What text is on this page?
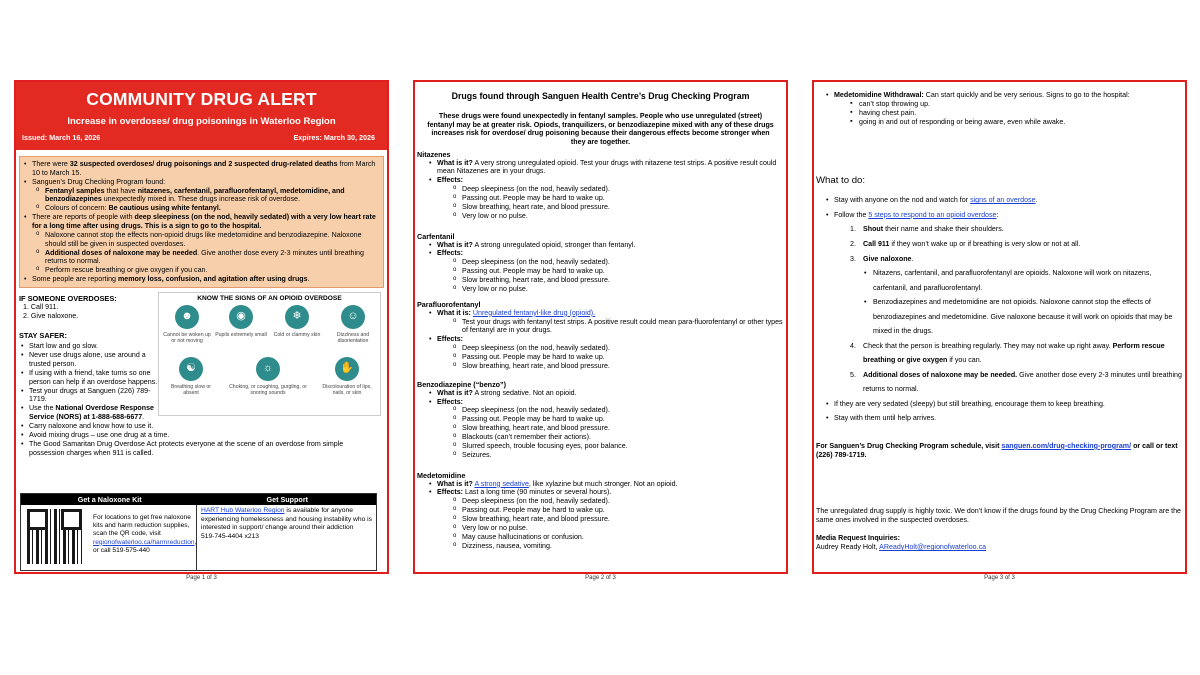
COMMUNITY DRUG ALERT
Increase in overdoses/ drug poisonings in Waterloo Region
Issued: March 16, 2026	Expires: March 30, 2026
• There were 32 suspected overdoses/ drug poisonings and 2 suspected drug-related deaths from March 10 to March 15.
• Sanguen’s Drug Checking Program found:
o Fentanyl samples that have nitazenes, carfentanil, parafluorofentanyl, medetomidine, and benzodiazepines unexpectedly mixed in. These drugs increase risk of overdose.
o Colours of concern: Be cautious using white fentanyl.
• There are reports of people with deep sleepiness (on the nod, heavily sedated) with a very low heart rate for a long time after using drugs. This is a sign to go to the hospital.
o Naloxone cannot stop the effects non-opioid drugs like medetomidine and benzodiazepine. Naloxone should still be given in suspected overdoses.
o Additional doses of naloxone may be needed. Give another dose every 2-3 minutes until breathing returns to normal.
o Perform rescue breathing or give oxygen if you can.
• Some people are reporting memory loss, confusion, and agitation after using drugs.
IF SOMEONE OVERDOSES:
1. Call 911.
2. Give naloxone.
STAY SAFER:
• Start low and go slow.
• Never use drugs alone, use around a trusted person.
• If using with a friend, take turns so one person can help if an overdose happens.
• Test your drugs at Sanguen (226) 789-1719.
• Use the National Overdose Response Service (NORS) at 1-888-688-6677.
• Carry naloxone and know how to use it.
• Avoid mixing drugs – use one drug at a time.
• The Good Samaritan Drug Overdose Act protects everyone at the scene of an overdose from simple possession charges when 911 is called.
KNOW THE SIGNS OF AN OPIOID OVERDOSE
☻
Cannot be woken up or not moving
◉
Pupils extremely small
❄
Cold or clammy skin
☺
Dizziness and disorientation
☯
Breathing slow or absent
☼
Choking, or coughing, gurgling, or snoring sounds
✋
Discolouration of lips, nails, or skin
Get a Naloxone Kit	Get Support
For locations to get free naloxone kits and harm reduction supplies, scan the QR code, visit regionofwaterloo.ca/harmreduction, or call 519-575-440
HART Hub Waterloo Region is available for anyone experiencing homelessness and housing instability who is interested in support/ change around their addiction
519-745-4404 x213
Page 1 of 3
Drugs found through Sanguen Health Centre’s Drug Checking Program
These drugs were found unexpectedly in fentanyl samples. People who use unregulated (street) fentanyl may be at greater risk. Opiods, tranquilizers, or benzodiazepine mixed with any of these drugs increases risk for overdose/ drug poisoning because their dangerous effects become stronger when they are together.
Nitazenes
• What is it? A very strong unregulated opioid. Test your drugs with nitazene test strips. A positive result could mean Nitazenes are in your drugs.
• Effects:
o Deep sleepiness (on the nod, heavily sedated).
o Passing out. People may be hard to wake up.
o Slow breathing, heart rate, and blood pressure.
o Very low or no pulse.
Carfentanil
• What is it? A strong unregulated opioid, stronger than fentanyl.
• Effects:
o Deep sleepiness (on the nod, heavily sedated).
o Passing out. People may be hard to wake up.
o Slow breathing, heart rate, and blood pressure.
o Very low or no pulse.
Parafluorofentanyl
• What it is: Unregulated fentanyl-like drug (opioid).
o Test your drugs with fentanyl test strips. A positive result could mean para-fluorofentanyl or other types of fentanyl are in your drugs.
• Effects:
o Deep sleepiness (on the nod, heavily sedated).
o Passing out. People may be hard to wake up.
o Slow breathing, heart rate, and blood pressure.
Benzodiazepine (“benzo”)
• What is it? A strong sedative. Not an opioid.
• Effects:
o Deep sleepiness (on the nod, heavily sedated).
o Passing out. People may be hard to wake up.
o Slow breathing, heart rate, and blood pressure.
o Blackouts (can’t remember their actions).
o Slurred speech, trouble focusing eyes, poor balance.
o Seizures.
Medetomidine
• What is it? A strong sedative, like xylazine but much stronger. Not an opioid.
• Effects: Last a long time (90 minutes or several hours).
o Deep sleepiness (on the nod, heavily sedated).
o Passing out. People may be hard to wake up.
o Slow breathing, heart rate, and blood pressure.
o Very low or no pulse.
o May cause hallucinations or confusion.
o Dizziness, nausea, vomiting.
Page 2 of 3
• Medetomidine Withdrawal: Can start quickly and be very serious. Signs to go to the hospital:
▪ can’t stop throwing up.
▪ having chest pain.
▪ going in and out of responding or being aware, even while awake.
What to do:
• Stay with anyone on the nod and watch for signs of an overdose.
• Follow the 5 steps to respond to an opioid overdose:
1. Shout their name and shake their shoulders.
2. Call 911 if they won’t wake up or if breathing is very slow or not at all.
3. Give naloxone.
• Nitazens, carfentanil, and parafluorofentanyl are opioids. Naloxone will work on nitazens, carfentanil, and parafluorofentanyl.
• Benzodiazepines and medetomidine are not opioids. Naloxone cannot stop the effects of benzodiazepines and medetomidine. Give naloxone because it will work on opioids that may be mixed in the drugs.
4. Check that the person is breathing regularly. They may not wake up right away. Perform rescue breathing or give oxygen if you can.
5. Additional doses of naloxone may be needed. Give another dose every 2-3 minutes until breathing returns to normal.
• If they are very sedated (sleepy) but still breathing, encourage them to keep breathing.
• Stay with them until help arrives.
For Sanguen’s Drug Checking Program schedule, visit sanguen.com/drug-checking-program/ or call or text (226) 789-1719.
The unregulated drug supply is highly toxic. We don’t know if the drugs found by the Drug Checking Program are the same ones involved in the suspected overdoses.
Media Request Inquiries:
Audrey Ready Holt, AReadyHolt@regionofwaterloo.ca
Page 3 of 3
